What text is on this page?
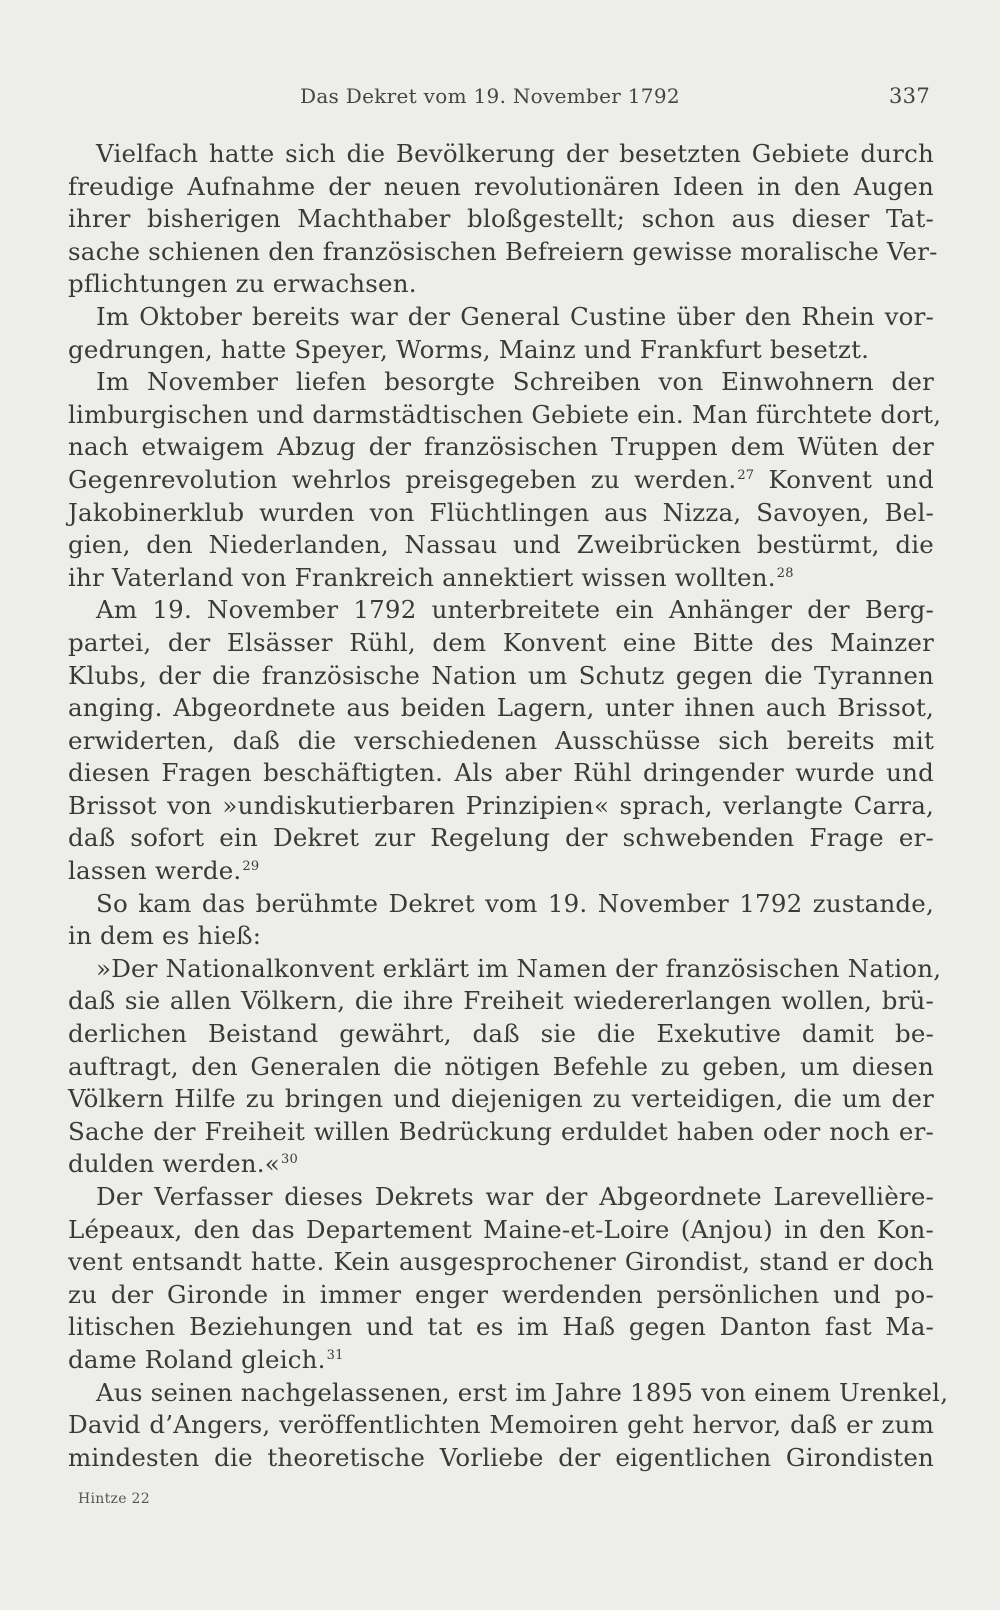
Das Dekret vom 19. November 1792	337
Vielfach hatte sich die Bevölkerung der besetzten Gebiete durch
freudige Aufnahme der neuen revolutionären Ideen in den Augen
ihrer bisherigen Machthaber bloßgestellt; schon aus dieser Tat-
sache schienen den französischen Befreiern gewisse moralische Ver-
pflichtungen zu erwachsen.
Im Oktober bereits war der General Custine über den Rhein vor-
gedrungen, hatte Speyer, Worms, Mainz und Frankfurt besetzt.
Im November liefen besorgte Schreiben von Einwohnern der
limburgischen und darmstädtischen Gebiete ein. Man fürchtete dort,
nach etwaigem Abzug der französischen Truppen dem Wüten der
Gegenrevolution wehrlos preisgegeben zu werden.$^{27}$ Konvent und
Jakobinerklub wurden von Flüchtlingen aus Nizza, Savoyen, Bel-
gien, den Niederlanden, Nassau und Zweibrücken bestürmt, die
ihr Vaterland von Frankreich annektiert wissen wollten.$^{28}$
Am 19. November 1792 unterbreitete ein Anhänger der Berg-
partei, der Elsässer Rühl, dem Konvent eine Bitte des Mainzer
Klubs, der die französische Nation um Schutz gegen die Tyrannen
anging. Abgeordnete aus beiden Lagern, unter ihnen auch Brissot,
erwiderten, daß die verschiedenen Ausschüsse sich bereits mit
diesen Fragen beschäftigten. Als aber Rühl dringender wurde und
Brissot von »undiskutierbaren Prinzipien« sprach, verlangte Carra,
daß sofort ein Dekret zur Regelung der schwebenden Frage er-
lassen werde.$^{29}$
So kam das berühmte Dekret vom 19. November 1792 zustande,
in dem es hieß:
»Der Nationalkonvent erklärt im Namen der französischen Nation,
daß sie allen Völkern, die ihre Freiheit wiedererlangen wollen, brü-
derlichen Beistand gewährt, daß sie die Exekutive damit be-
auftragt, den Generalen die nötigen Befehle zu geben, um diesen
Völkern Hilfe zu bringen und diejenigen zu verteidigen, die um der
Sache der Freiheit willen Bedrückung erduldet haben oder noch er-
dulden werden.«$^{30}$
Der Verfasser dieses Dekrets war der Abgeordnete Larevellière-
Lépeaux, den das Departement Maine-et-Loire (Anjou) in den Kon-
vent entsandt hatte. Kein ausgesprochener Girondist, stand er doch
zu der Gironde in immer enger werdenden persönlichen und po-
litischen Beziehungen und tat es im Haß gegen Danton fast Ma-
dame Roland gleich.$^{31}$
Aus seinen nachgelassenen, erst im Jahre 1895 von einem Urenkel,
David d’Angers, veröffentlichten Memoiren geht hervor, daß er zum
mindesten die theoretische Vorliebe der eigentlichen Girondisten
Hintze 22
